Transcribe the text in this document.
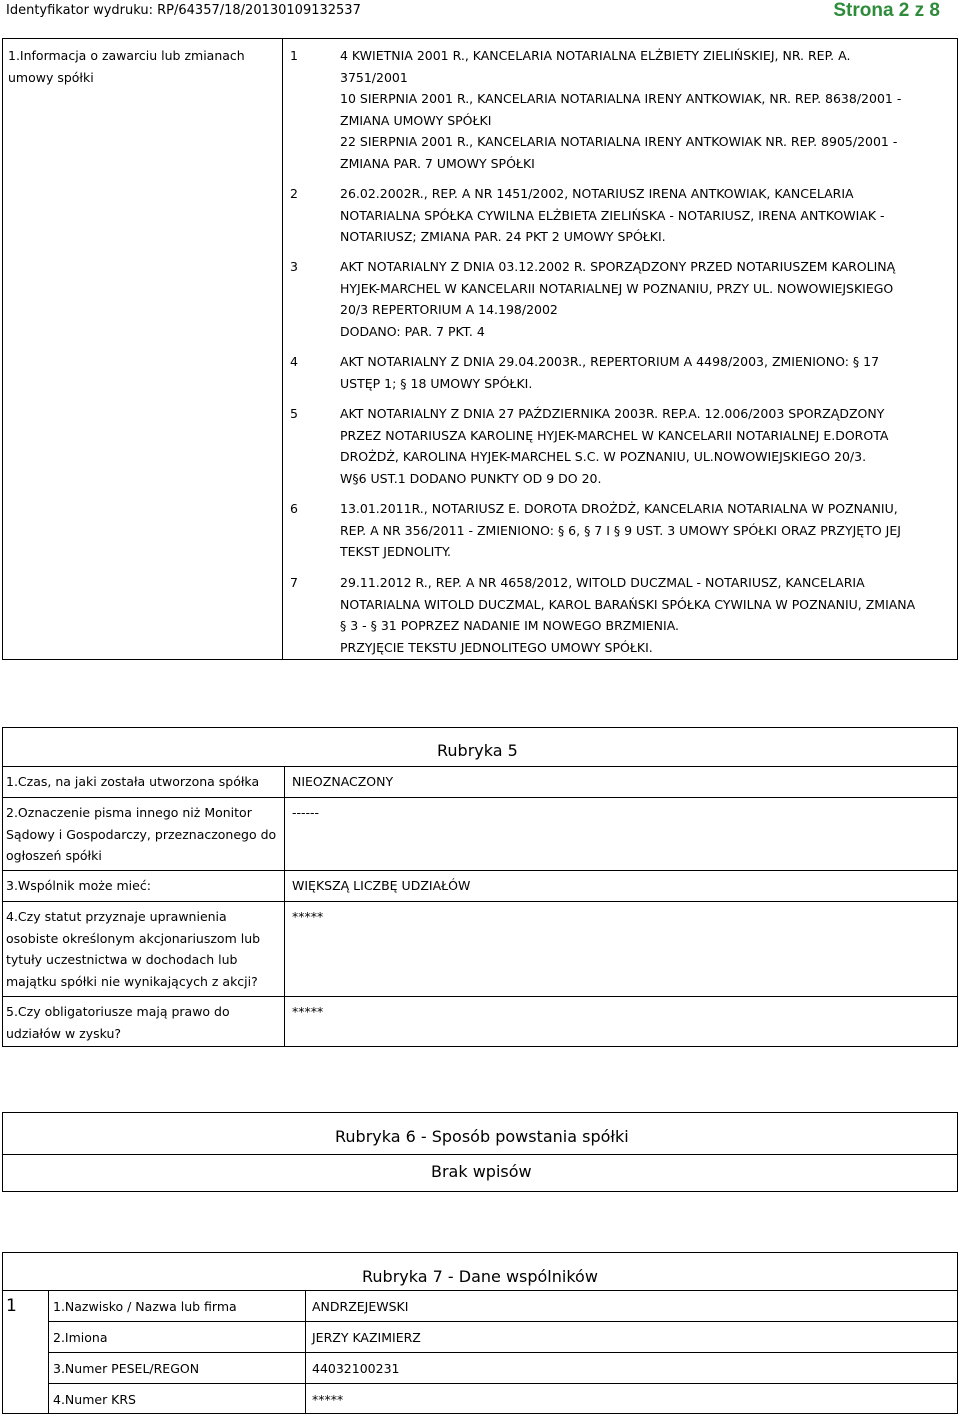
Identyfikator wydruku: RP/64357/18/20130109132537	Strona 2 z 8
1.Informacja o zawarciu lub zmianach
umowy spółki
1	4 KWIETNIA 2001 R., KANCELARIA NOTARIALNA ELŻBIETY ZIELIŃSKIEJ, NR. REP. A.
3751/2001
10 SIERPNIA 2001 R., KANCELARIA NOTARIALNA IRENY ANTKOWIAK, NR. REP. 8638/2001 -
ZMIANA UMOWY SPÓŁKI
22 SIERPNIA 2001 R., KANCELARIA NOTARIALNA IRENY ANTKOWIAK NR. REP. 8905/2001 -
ZMIANA PAR. 7 UMOWY SPÓŁKI
2	26.02.2002R., REP. A NR 1451/2002, NOTARIUSZ IRENA ANTKOWIAK, KANCELARIA
NOTARIALNA SPÓŁKA CYWILNA ELŻBIETA ZIELIŃSKA - NOTARIUSZ, IRENA ANTKOWIAK -
NOTARIUSZ; ZMIANA PAR. 24 PKT 2 UMOWY SPÓŁKI.
3	AKT NOTARIALNY Z DNIA 03.12.2002 R. SPORZĄDZONY PRZED NOTARIUSZEM KAROLINĄ
HYJEK-MARCHEL W KANCELARII NOTARIALNEJ W POZNANIU, PRZY UL. NOWOWIEJSKIEGO
20/3 REPERTORIUM A 14.198/2002
DODANO: PAR. 7 PKT. 4
4	AKT NOTARIALNY Z DNIA 29.04.2003R., REPERTORIUM A 4498/2003, ZMIENIONO: § 17
USTĘP 1; § 18 UMOWY SPÓŁKI.
5	AKT NOTARIALNY Z DNIA 27 PAŹDZIERNIKA 2003R. REP.A. 12.006/2003 SPORZĄDZONY
PRZEZ NOTARIUSZA KAROLINĘ HYJEK-MARCHEL W KANCELARII NOTARIALNEJ E.DOROTA
DROŻDŻ, KAROLINA HYJEK-MARCHEL S.C. W POZNANIU, UL.NOWOWIEJSKIEGO 20/3.
W§6 UST.1 DODANO PUNKTY OD 9 DO 20.
6	13.01.2011R., NOTARIUSZ E. DOROTA DROŻDŻ, KANCELARIA NOTARIALNA W POZNANIU,
REP. A NR 356/2011 - ZMIENIONO: § 6, § 7 I § 9 UST. 3 UMOWY SPÓŁKI ORAZ PRZYJĘTO JEJ
TEKST JEDNOLITY.
7	29.11.2012 R., REP. A NR 4658/2012, WITOLD DUCZMAL - NOTARIUSZ, KANCELARIA
NOTARIALNA WITOLD DUCZMAL, KAROL BARAŃSKI SPÓŁKA CYWILNA W POZNANIU, ZMIANA
§ 3 - § 31 POPRZEZ NADANIE IM NOWEGO BRZMIENIA.
PRZYJĘCIE TEKSTU JEDNOLITEGO UMOWY SPÓŁKI.
Rubryka 5
1.Czas, na jaki została utworzona spółka	NIEOZNACZONY
2.Oznaczenie pisma innego niż Monitor
Sądowy i Gospodarczy, przeznaczonego do
ogłoszeń spółki
------
3.Wspólnik może mieć:	WIĘKSZĄ LICZBĘ UDZIAŁÓW
4.Czy statut przyznaje uprawnienia
osobiste określonym akcjonariuszom lub
tytuły uczestnictwa w dochodach lub
majątku spółki nie wynikających z akcji?
*****
5.Czy obligatoriusze mają prawo do
udziałów w zysku?
*****
Rubryka 6 - Sposób powstania spółki
Brak wpisów
Rubryka 7 - Dane wspólników
1	1.Nazwisko / Nazwa lub firma	ANDRZEJEWSKI
2.Imiona	JERZY KAZIMIERZ
3.Numer PESEL/REGON	44032100231
4.Numer KRS	*****
